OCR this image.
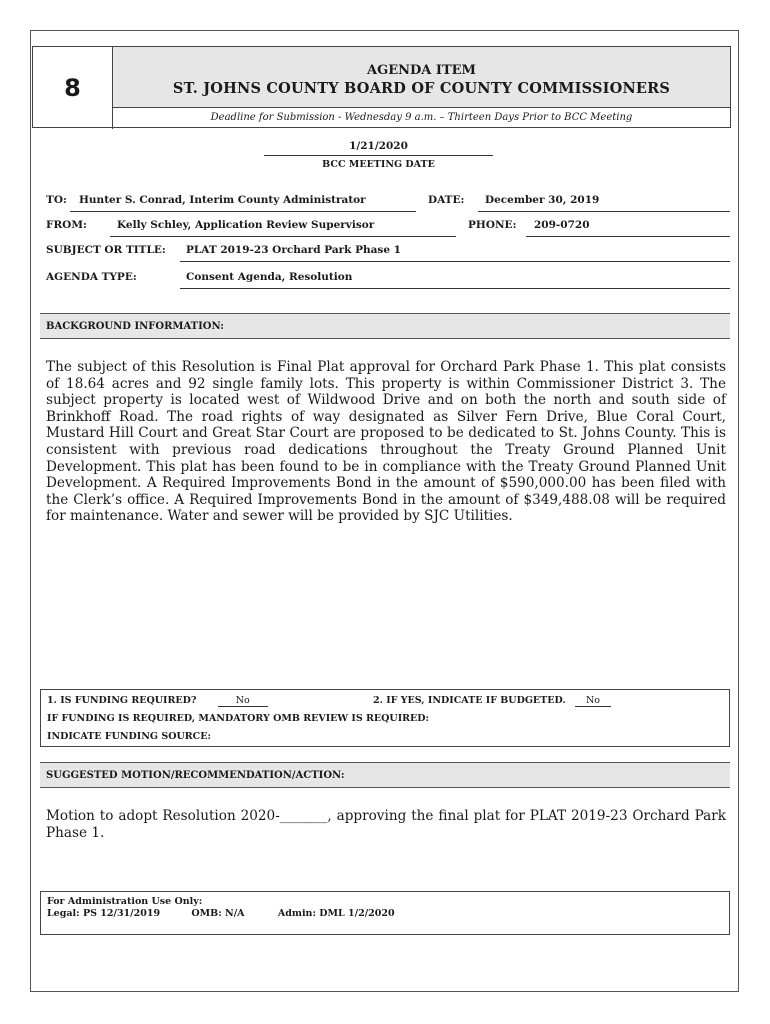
8
AGENDA ITEM
ST. JOHNS COUNTY BOARD OF COUNTY COMMISSIONERS
Deadline for Submission - Wednesday 9 a.m. – Thirteen Days Prior to BCC Meeting
1/21/2020
BCC MEETING DATE
TO: Hunter S. Conrad, Interim County Administrator	DATE: December 30, 2019
FROM:	Kelly Schley, Application Review Supervisor	PHONE: 209-0720
SUBJECT OR TITLE: PLAT 2019-23 Orchard Park Phase 1
AGENDA TYPE:	Consent Agenda, Resolution
BACKGROUND INFORMATION:
The subject of this Resolution is Final Plat approval for Orchard Park Phase 1. This plat consists of 18.64 acres and 92 single family lots. This property is within Commissioner District 3. The subject property is located west of Wildwood Drive and on both the north and south side of Brinkhoff Road. The road rights of way designated as Silver Fern Drive, Blue Coral Court, Mustard Hill Court and Great Star Court are proposed to be dedicated to St. Johns County. This is consistent with previous road dedications throughout the Treaty Ground Planned Unit Development. This plat has been found to be in compliance with the Treaty Ground Planned Unit Development. A Required Improvements Bond in the amount of $590,000.00 has been filed with the Clerk’s office. A Required Improvements Bond in the amount of $349,488.08 will be required for maintenance. Water and sewer will be provided by SJC Utilities.
1. IS FUNDING REQUIRED?	No	2. IF YES, INDICATE IF BUDGETED. No
IF FUNDING IS REQUIRED, MANDATORY OMB REVIEW IS REQUIRED:
INDICATE FUNDING SOURCE:
SUGGESTED MOTION/RECOMMENDATION/ACTION:
Motion to adopt Resolution 2020-_______, approving the final plat for PLAT 2019-23 Orchard Park Phase 1.
For Administration Use Only:
Legal: PS 12/31/2019	OMB: N/A	Admin: DML 1/2/2020
